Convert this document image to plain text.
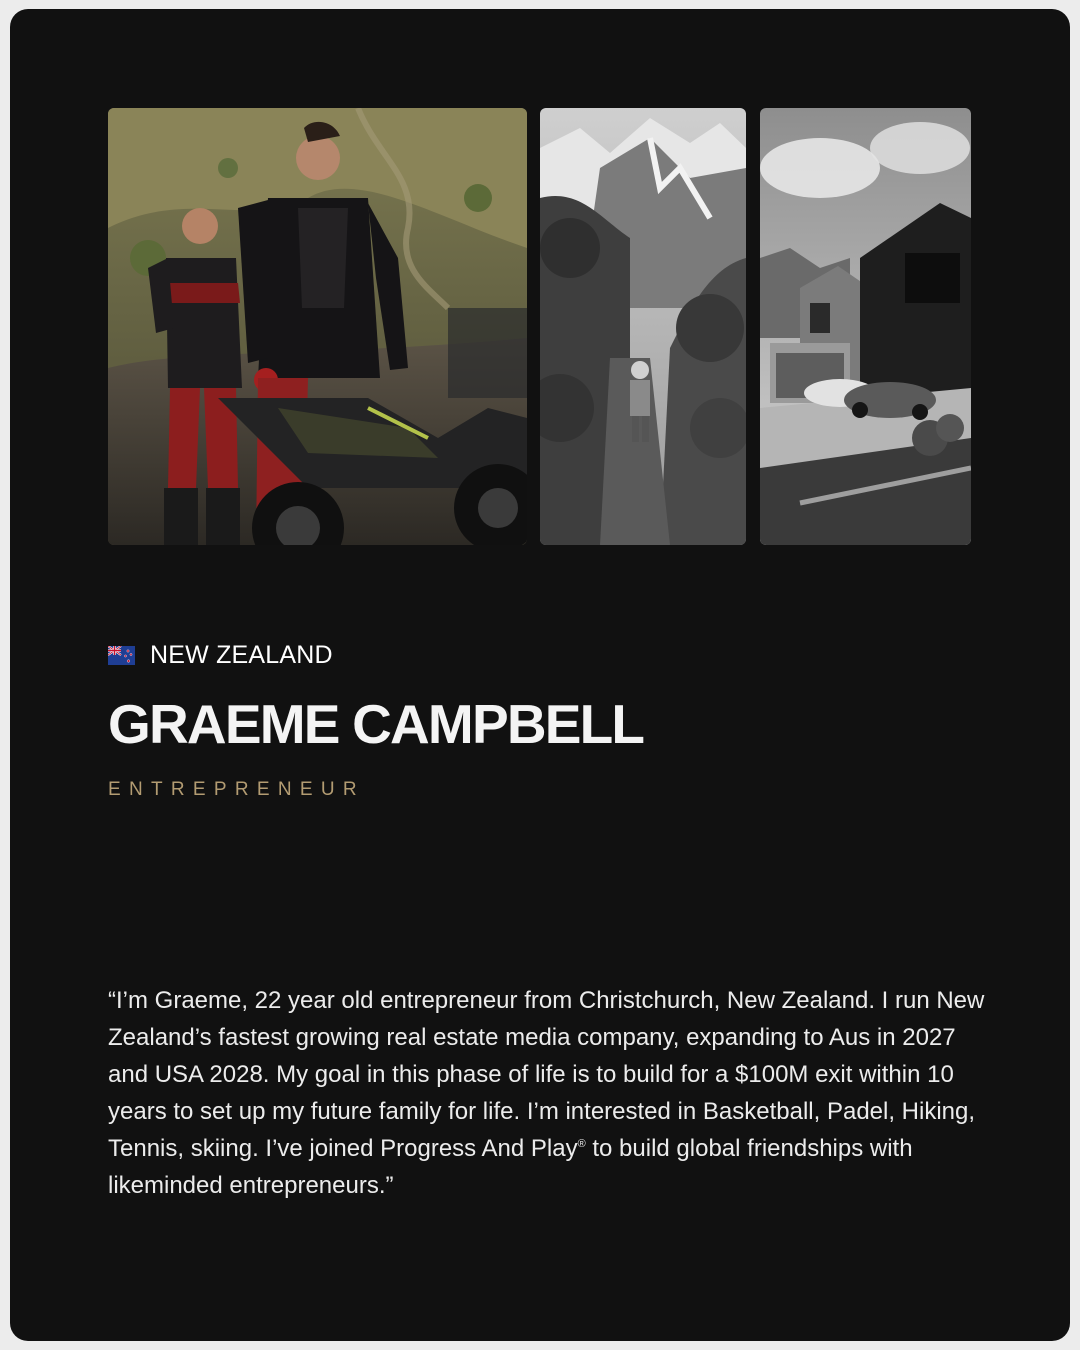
NEW ZEALAND
GRAEME CAMPBELL
ENTREPRENEUR

“I’m Graeme, 22 year old entrepreneur from Christchurch, New Zealand. I run New Zealand’s fastest growing real estate media company, expanding to Aus in 2027 and USA 2028. My goal in this phase of life is to build for a $100M exit within 10 years to set up my future family for life. I’m interested in Basketball, Padel, Hiking, Tennis, skiing. I’ve joined Progress And Play® to build global friendships with likeminded entrepreneurs.”
